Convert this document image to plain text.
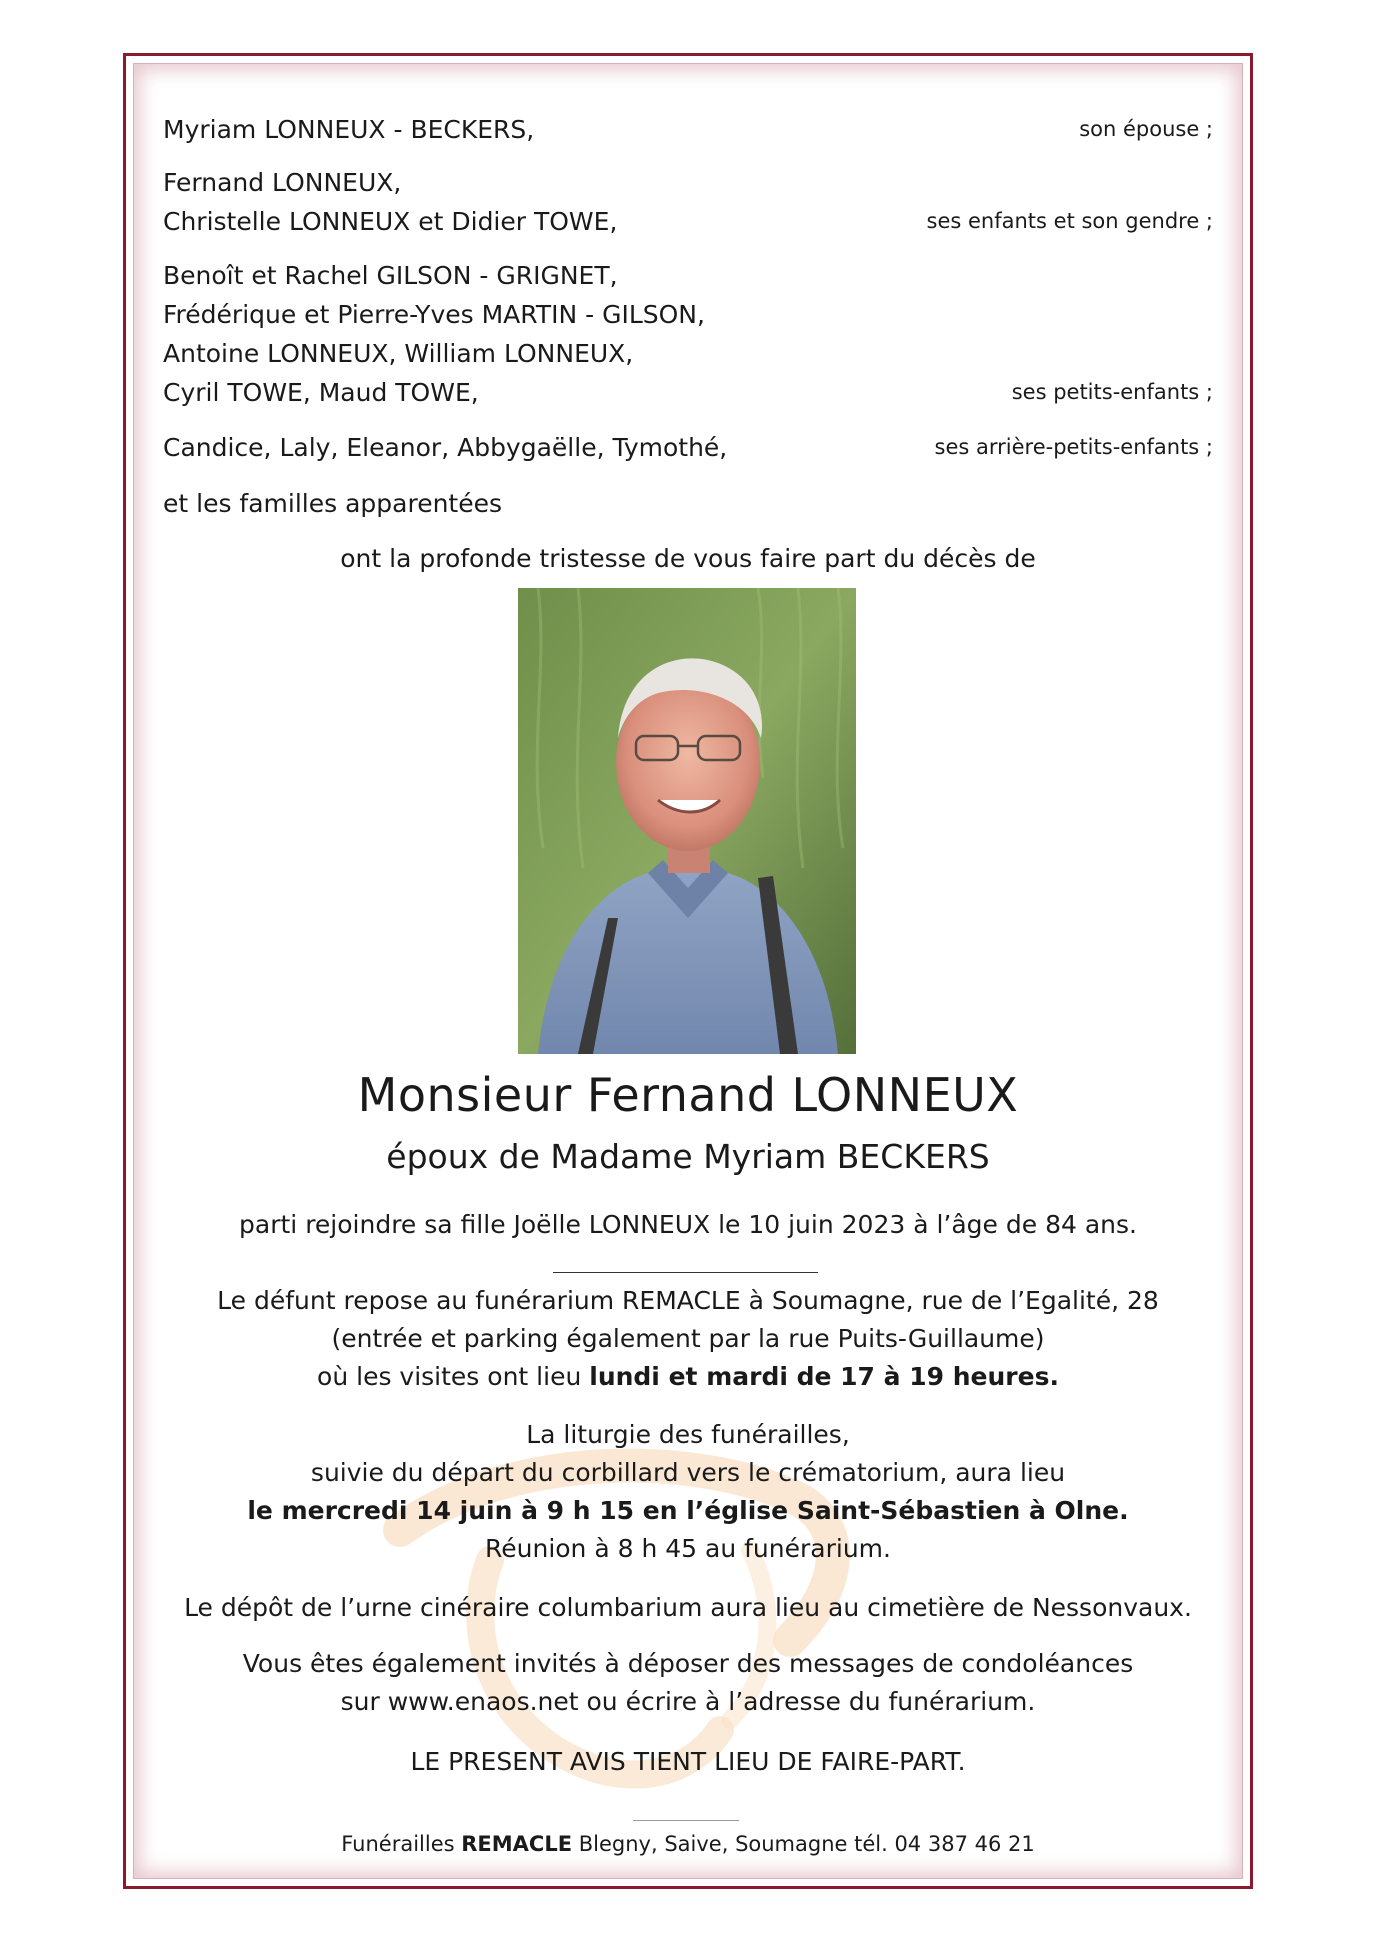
Myriam LONNEUX - BECKERS,	son épouse ;
Fernand LONNEUX,
Christelle LONNEUX et Didier TOWE,	ses enfants et son gendre ;
Benoît et Rachel GILSON - GRIGNET,
Frédérique et Pierre-Yves MARTIN - GILSON,
Antoine LONNEUX, William LONNEUX,
Cyril TOWE, Maud TOWE,	ses petits-enfants ;
Candice, Laly, Eleanor, Abbygaëlle, Tymothé,	ses arrière-petits-enfants ;
et les familles apparentées
ont la profonde tristesse de vous faire part du décès de
Monsieur Fernand LONNEUX
époux de Madame Myriam BECKERS
parti rejoindre sa fille Joëlle LONNEUX le 10 juin 2023 à l’âge de 84 ans.
Le défunt repose au funérarium REMACLE à Soumagne, rue de l’Egalité, 28
(entrée et parking également par la rue Puits-Guillaume)
où les visites ont lieu lundi et mardi de 17 à 19 heures.
La liturgie des funérailles,
suivie du départ du corbillard vers le crématorium, aura lieu
le mercredi 14 juin à 9 h 15 en l’église Saint-Sébastien à Olne.
Réunion à 8 h 45 au funérarium.
Le dépôt de l’urne cinéraire columbarium aura lieu au cimetière de Nessonvaux.
Vous êtes également invités à déposer des messages de condoléances
sur www.enaos.net ou écrire à l’adresse du funérarium.
LE PRESENT AVIS TIENT LIEU DE FAIRE-PART.
Funérailles REMACLE Blegny, Saive, Soumagne tél. 04 387 46 21
